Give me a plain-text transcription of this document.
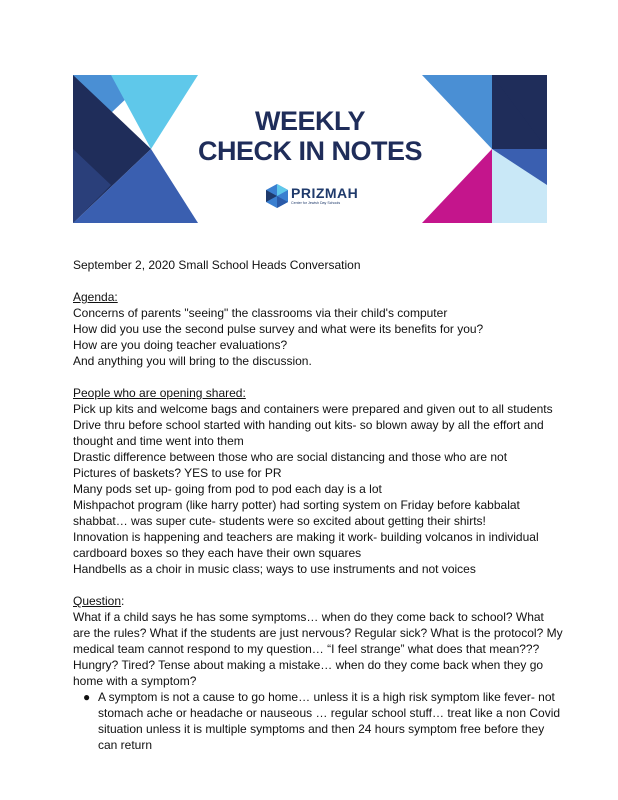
WEEKLY
CHECK IN NOTES
PRIZMAH
Center for Jewish Day Schools

September 2, 2020 Small School Heads Conversation

Agenda:

Concerns of parents "seeing" the classrooms via their child's computer

How did you use the second pulse survey and what were its benefits for you?

How are you doing teacher evaluations?

And anything you will bring to the discussion.

People who are opening shared:

Pick up kits and welcome bags and containers were prepared and given out to all students

Drive thru before school started with handing out kits- so blown away by all the effort and thought and time went into them

Drastic difference between those who are social distancing and those who are not

Pictures of baskets? YES to use for PR

Many pods set up- going from pod to pod each day is a lot

Mishpachot program (like harry potter) had sorting system on Friday before kabbalat shabbat… was super cute- students were so excited about getting their shirts!

Innovation is happening and teachers are making it work- building volcanos in individual cardboard boxes so they each have their own squares

Handbells as a choir in music class; ways to use instruments and not voices

Question:

What if a child says he has some symptoms… when do they come back to school? What are the rules? What if the students are just nervous? Regular sick? What is the protocol? My medical team cannot respond to my question… “I feel strange” what does that mean??? Hungry? Tired? Tense about making a mistake… when do they come back when they go home with a symptom?

● A symptom is not a cause to go home… unless it is a high risk symptom like fever- not stomach ache or headache or nauseous … regular school stuff… treat like a non Covid situation unless it is multiple symptoms and then 24 hours symptom free before they can return
